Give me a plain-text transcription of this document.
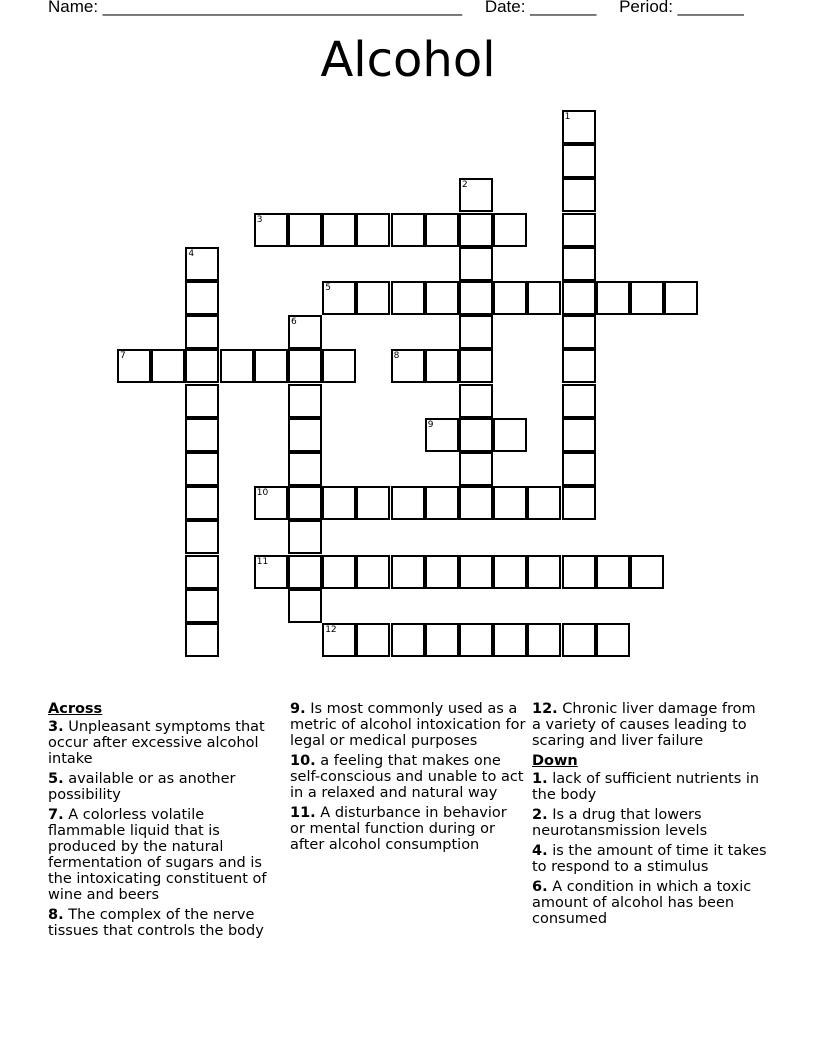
Name: ______________________________________ Date: _______ Period: _______
Alcohol
1
2
3
4
5
6
7	8
9
10
11
12
Across
3. Unpleasant symptoms that occur after excessive alcohol intake
5. available or as another possibility
7. A colorless volatile flammable liquid that is produced by the natural fermentation of sugars and is the intoxicating constituent of wine and beers
8. The complex of the nerve tissues that controls the body
9. Is most commonly used as a metric of alcohol intoxication for legal or medical purposes
10. a feeling that makes one self-conscious and unable to act in a relaxed and natural way
11. A disturbance in behavior or mental function during or after alcohol consumption
12. Chronic liver damage from a variety of causes leading to scaring and liver failure
Down
1. lack of sufficient nutrients in the body
2. Is a drug that lowers neurotansmission levels
4. is the amount of time it takes to respond to a stimulus
6. A condition in which a toxic amount of alcohol has been consumed
